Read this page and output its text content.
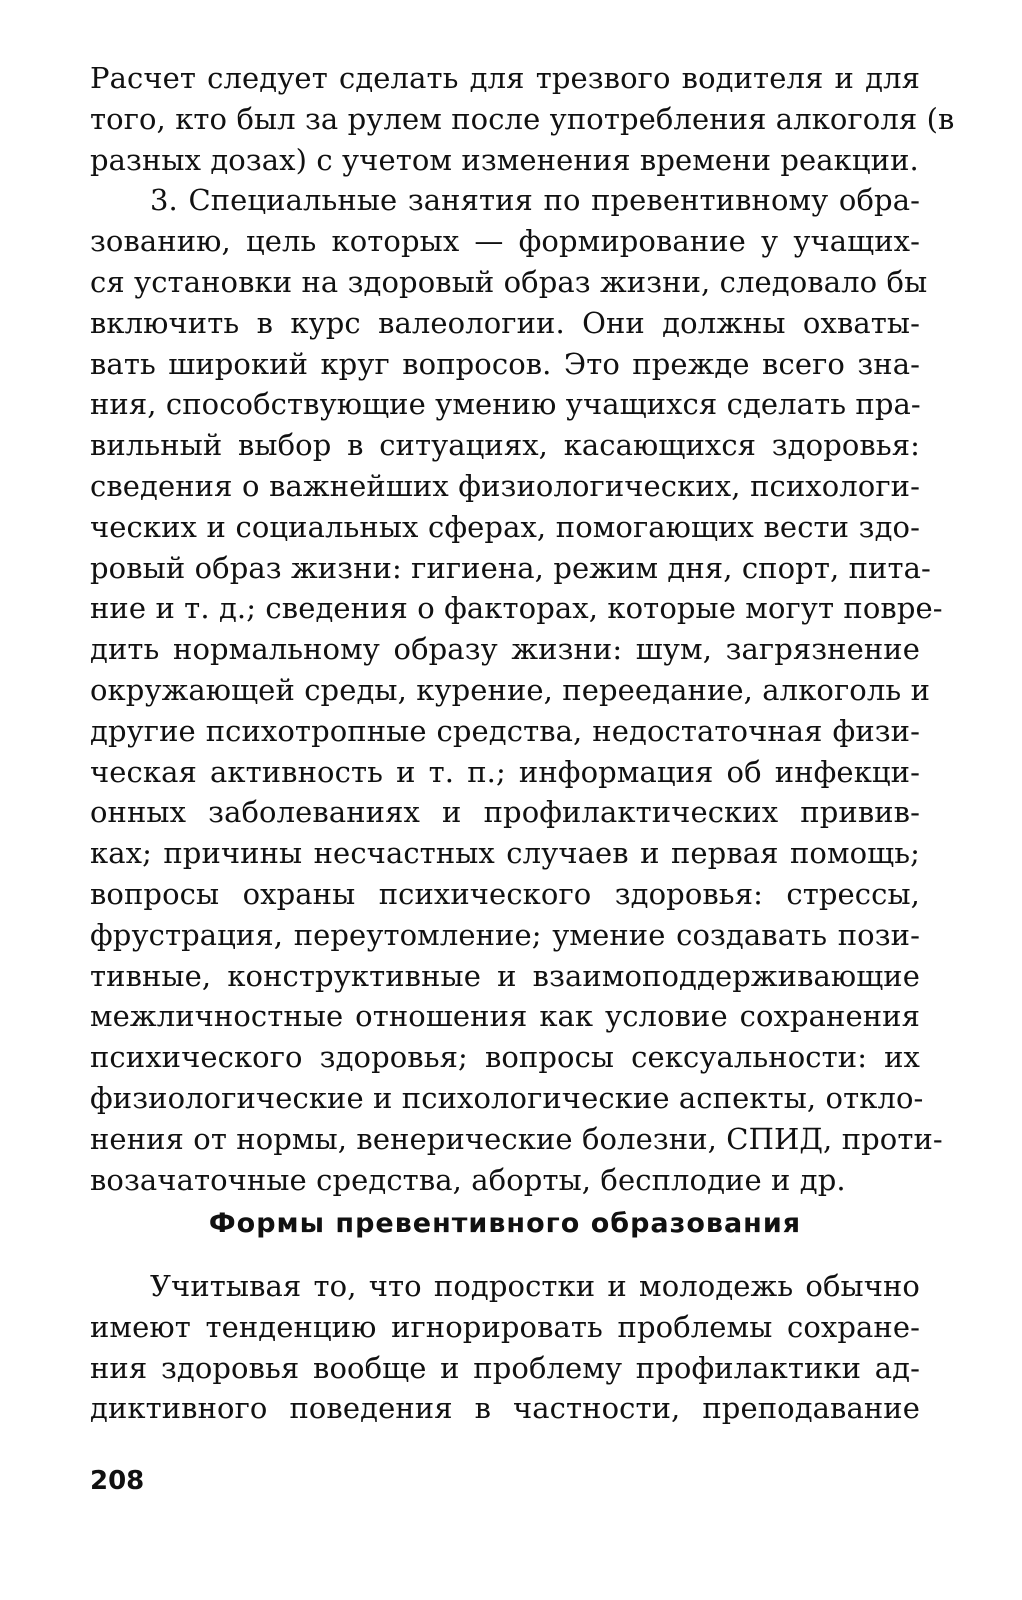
Расчет следует сделать для трезвого водителя и для
того, кто был за рулем после употребления алкоголя (в
разных дозах) с учетом изменения времени реакции.
3. Специальные занятия по превентивному обра-
зованию, цель которых — формирование у учащих-
ся установки на здоровый образ жизни, следовало бы
включить в курс валеологии. Они должны охваты-
вать широкий круг вопросов. Это прежде всего зна-
ния, способствующие умению учащихся сделать пра-
вильный выбор в ситуациях, касающихся здоровья:
сведения о важнейших физиологических, психологи-
ческих и социальных сферах, помогающих вести здо-
ровый образ жизни: гигиена, режим дня, спорт, пита-
ние и т. д.; сведения о факторах, которые могут повре-
дить нормальному образу жизни: шум, загрязнение
окружающей среды, курение, переедание, алкоголь и
другие психотропные средства, недостаточная физи-
ческая активность и т. п.; информация об инфекци-
онных заболеваниях и профилактических привив-
ках; причины несчастных случаев и первая помощь;
вопросы охраны психического здоровья: стрессы,
фрустрация, переутомление; умение создавать пози-
тивные, конструктивные и взаимоподдерживающие
межличностные отношения как условие сохранения
психического здоровья; вопросы сексуальности: их
физиологические и психологические аспекты, откло-
нения от нормы, венерические болезни, СПИД, проти-
возачаточные средства, аборты, бесплодие и др.
Формы превентивного образования
Учитывая то, что подростки и молодежь обычно
имеют тенденцию игнорировать проблемы сохране-
ния здоровья вообще и проблему профилактики ад-
диктивного поведения в частности, преподавание
208
